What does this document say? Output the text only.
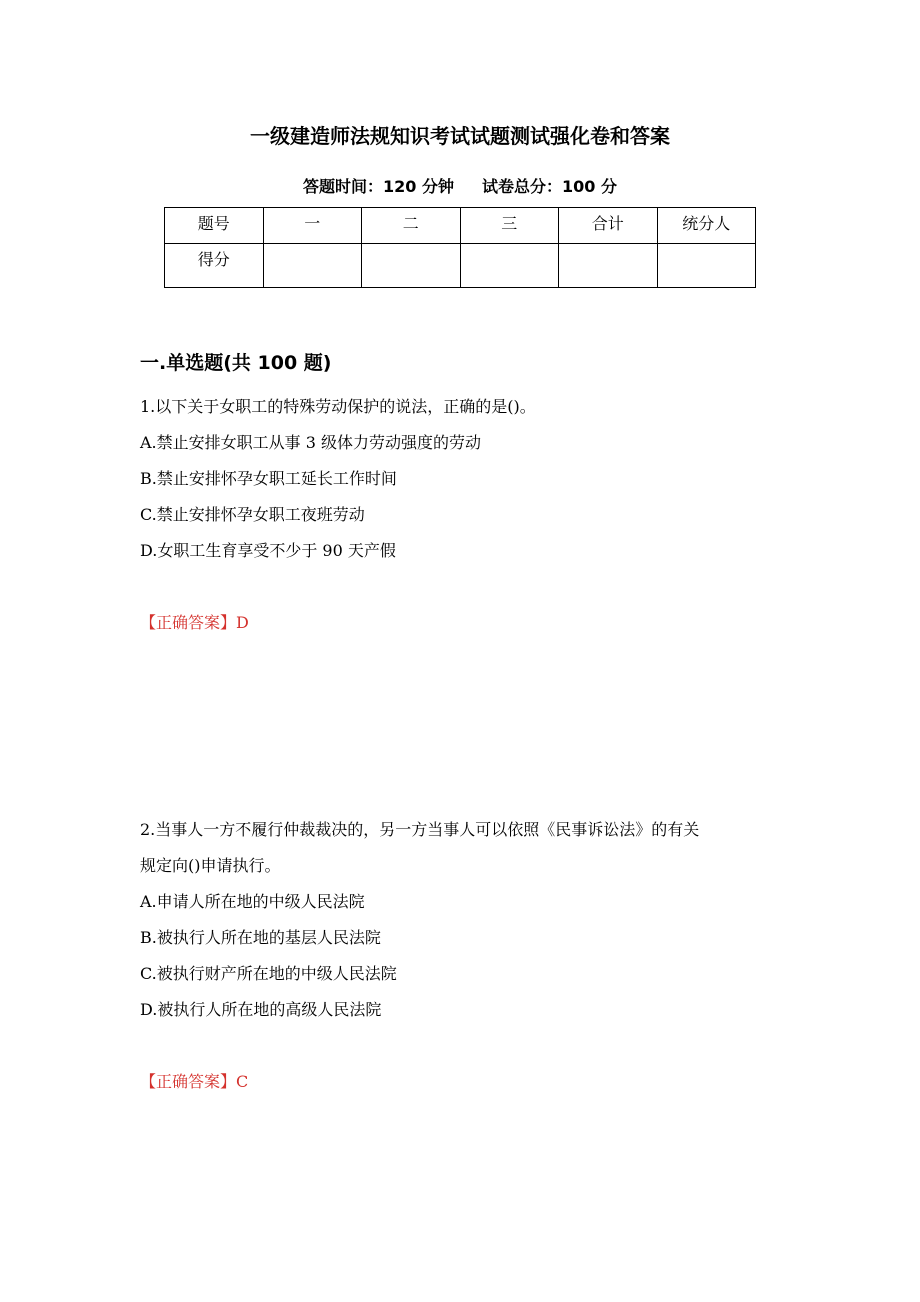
一级建造师法规知识考试试题测试强化卷和答案
答题时间：120 分钟 试卷总分：100 分
题号	一	二	三	合计	统分人
得分					
一.单选题(共 100 题)
1.以下关于女职工的特殊劳动保护的说法，正确的是()。
A.禁止安排女职工从事 3 级体力劳动强度的劳动
B.禁止安排怀孕女职工延长工作时间
C.禁止安排怀孕女职工夜班劳动
D.女职工生育享受不少于 90 天产假
【正确答案】D
2.当事人一方不履行仲裁裁决的，另一方当事人可以依照《民事诉讼法》的有关
规定向()申请执行。
A.申请人所在地的中级人民法院
B.被执行人所在地的基层人民法院
C.被执行财产所在地的中级人民法院
D.被执行人所在地的高级人民法院
【正确答案】C
